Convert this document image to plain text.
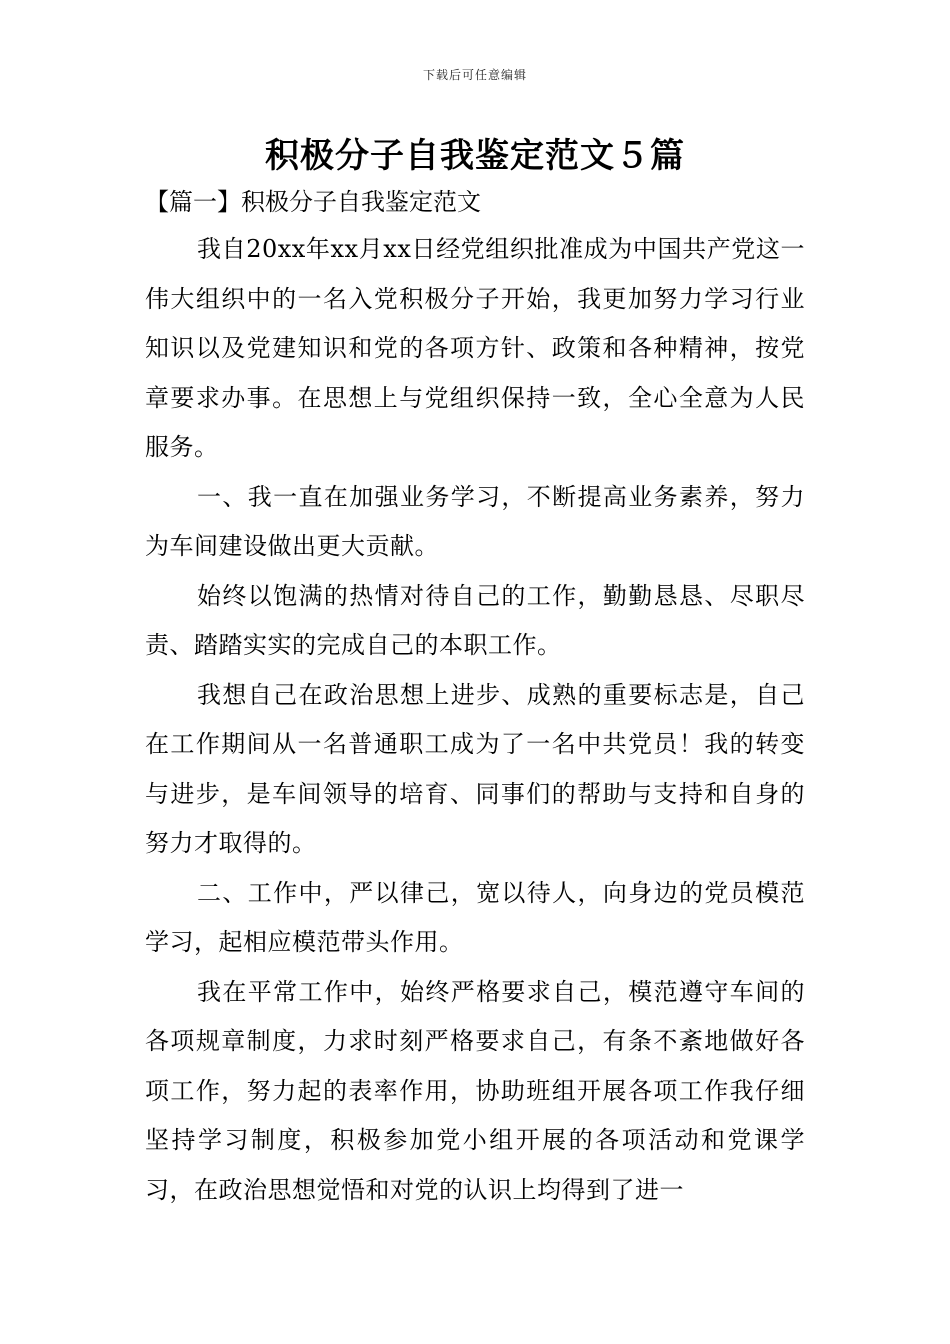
下载后可任意编辑
积极分子自我鉴定范文５篇
【篇一】积极分子自我鉴定范文

我自20xx年xx月xx日经党组织批准成为中国共产党这一伟大组织中的一名入党积极分子开始，我更加努力学习行业知识以及党建知识和党的各项方针、政策和各种精神，按党章要求办事。在思想上与党组织保持一致，全心全意为人民服务。

一、我一直在加强业务学习，不断提高业务素养，努力为车间建设做出更大贡献。

始终以饱满的热情对待自己的工作，勤勤恳恳、尽职尽责、踏踏实实的完成自己的本职工作。

我想自己在政治思想上进步、成熟的重要标志是，自己在工作期间从一名普通职工成为了一名中共党员！我的转变与进步，是车间领导的培育、同事们的帮助与支持和自身的努力才取得的。

二、工作中，严以律己，宽以待人，向身边的党员模范学习，起相应模范带头作用。

我在平常工作中，始终严格要求自己，模范遵守车间的各项规章制度，力求时刻严格要求自己，有条不紊地做好各项工作，努力起的表率作用，协助班组开展各项工作我仔细坚持学习制度，积极参加党小组开展的各项活动和党课学习，在政治思想觉悟和对党的认识上均得到了进一
